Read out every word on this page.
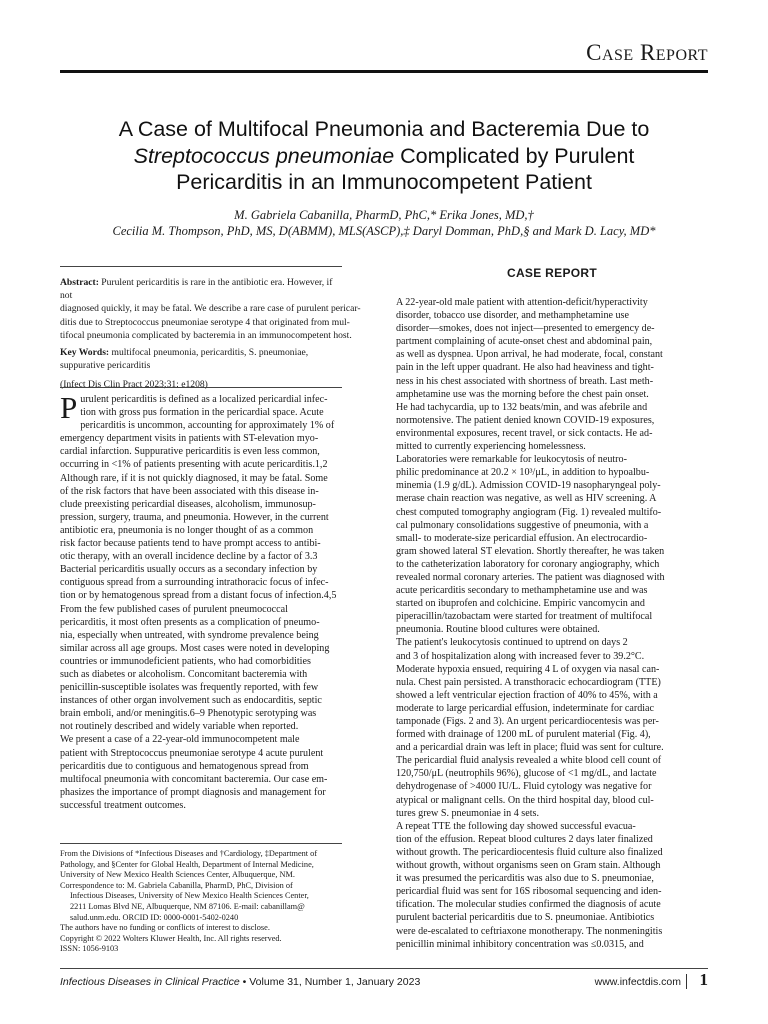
Case Report
A Case of Multifocal Pneumonia and Bacteremia Due to
Streptococcus pneumoniae Complicated by Purulent
Pericarditis in an Immunocompetent Patient
M. Gabriela Cabanilla, PharmD, PhC,* Erika Jones, MD,†
Cecilia M. Thompson, PhD, MS, D(ABMM), MLS(ASCP),‡ Daryl Domman, PhD,§ and Mark D. Lacy, MD*

Abstract: Purulent pericarditis is rare in the antibiotic era. However, if not
diagnosed quickly, it may be fatal. We describe a rare case of purulent pericar-
ditis due to Streptococcus pneumoniae serotype 4 that originated from mul-
tifocal pneumonia complicated by bacteremia in an immunocompetent host.

Key Words: multifocal pneumonia, pericarditis, S. pneumoniae,
suppurative pericarditis

(Infect Dis Clin Pract 2023;31: e1208)

P urulent pericarditis is defined as a localized pericardial infec-
tion with gross pus formation in the pericardial space. Acute
pericarditis is uncommon, accounting for approximately 1% of
emergency department visits in patients with ST-elevation myo-
cardial infarction. Suppurative pericarditis is even less common,
occurring in <1% of patients presenting with acute pericarditis.1,2
Although rare, if it is not quickly diagnosed, it may be fatal. Some
of the risk factors that have been associated with this disease in-
clude preexisting pericardial diseases, alcoholism, immunosup-
pression, surgery, trauma, and pneumonia. However, in the current
antibiotic era, pneumonia is no longer thought of as a common
risk factor because patients tend to have prompt access to antibi-
otic therapy, with an overall incidence decline by a factor of 3.3
Bacterial pericarditis usually occurs as a secondary infection by
contiguous spread from a surrounding intrathoracic focus of infec-
tion or by hematogenous spread from a distant focus of infection.4,5
From the few published cases of purulent pneumococcal
pericarditis, it most often presents as a complication of pneumo-
nia, especially when untreated, with syndrome prevalence being
similar across all age groups. Most cases were noted in developing
countries or immunodeficient patients, who had comorbidities
such as diabetes or alcoholism. Concomitant bacteremia with
penicillin-susceptible isolates was frequently reported, with few
instances of other organ involvement such as endocarditis, septic
brain emboli, and/or meningitis.6–9 Phenotypic serotyping was
not routinely described and widely variable when reported.
We present a case of a 22-year-old immunocompetent male
patient with Streptococcus pneumoniae serotype 4 acute purulent
pericarditis due to contiguous and hematogenous spread from
multifocal pneumonia with concomitant bacteremia. Our case em-
phasizes the importance of prompt diagnosis and management for
successful treatment outcomes.
From the Divisions of *Infectious Diseases and †Cardiology, ‡Department of
Pathology, and §Center for Global Health, Department of Internal Medicine,
University of New Mexico Health Sciences Center, Albuquerque, NM.
Correspondence to: M. Gabriela Cabanilla, PharmD, PhC, Division of
Infectious Diseases, University of New Mexico Health Sciences Center,
2211 Lomas Blvd NE, Albuquerque, NM 87106. E-mail: cabanillam@
salud.unm.edu. ORCID ID: 0000-0001-5402-0240
The authors have no funding or conflicts of interest to disclose.
Copyright © 2022 Wolters Kluwer Health, Inc. All rights reserved.
ISSN: 1056-9103
CASE REPORT
A 22-year-old male patient with attention-deficit/hyperactivity
disorder, tobacco use disorder, and methamphetamine use
disorder—smokes, does not inject—presented to emergency de-
partment complaining of acute-onset chest and abdominal pain,
as well as dyspnea. Upon arrival, he had moderate, focal, constant
pain in the left upper quadrant. He also had heaviness and tight-
ness in his chest associated with shortness of breath. Last meth-
amphetamine use was the morning before the chest pain onset.
He had tachycardia, up to 132 beats/min, and was afebrile and
normotensive. The patient denied known COVID-19 exposures,
environmental exposures, recent travel, or sick contacts. He ad-
mitted to currently experiencing homelessness.
Laboratories were remarkable for leukocytosis of neutro-
philic predominance at 20.2 × 10³/μL, in addition to hypoalbu-
minemia (1.9 g/dL). Admission COVID-19 nasopharyngeal poly-
merase chain reaction was negative, as well as HIV screening. A
chest computed tomography angiogram (Fig. 1) revealed multifo-
cal pulmonary consolidations suggestive of pneumonia, with a
small- to moderate-size pericardial effusion. An electrocardio-
gram showed lateral ST elevation. Shortly thereafter, he was taken
to the catheterization laboratory for coronary angiography, which
revealed normal coronary arteries. The patient was diagnosed with
acute pericarditis secondary to methamphetamine use and was
started on ibuprofen and colchicine. Empiric vancomycin and
piperacillin/tazobactam were started for treatment of multifocal
pneumonia. Routine blood cultures were obtained.
The patient's leukocytosis continued to uptrend on days 2
and 3 of hospitalization along with increased fever to 39.2°C.
Moderate hypoxia ensued, requiring 4 L of oxygen via nasal can-
nula. Chest pain persisted. A transthoracic echocardiogram (TTE)
showed a left ventricular ejection fraction of 40% to 45%, with a
moderate to large pericardial effusion, indeterminate for cardiac
tamponade (Figs. 2 and 3). An urgent pericardiocentesis was per-
formed with drainage of 1200 mL of purulent material (Fig. 4),
and a pericardial drain was left in place; fluid was sent for culture.
The pericardial fluid analysis revealed a white blood cell count of
120,750/μL (neutrophils 96%), glucose of <1 mg/dL, and lactate
dehydrogenase of >4000 IU/L. Fluid cytology was negative for
atypical or malignant cells. On the third hospital day, blood cul-
tures grew S. pneumoniae in 4 sets.
A repeat TTE the following day showed successful evacua-
tion of the effusion. Repeat blood cultures 2 days later finalized
without growth. The pericardiocentesis fluid culture also finalized
without growth, without organisms seen on Gram stain. Although
it was presumed the pericarditis was also due to S. pneumoniae,
pericardial fluid was sent for 16S ribosomal sequencing and iden-
tification. The molecular studies confirmed the diagnosis of acute
purulent bacterial pericarditis due to S. pneumoniae. Antibiotics
were de-escalated to ceftriaxone monotherapy. The nonmeningitis
penicillin minimal inhibitory concentration was ≤0.0315, and
Infectious Diseases in Clinical Practice • Volume 31, Number 1, January 2023	www.infectdis.com 1
